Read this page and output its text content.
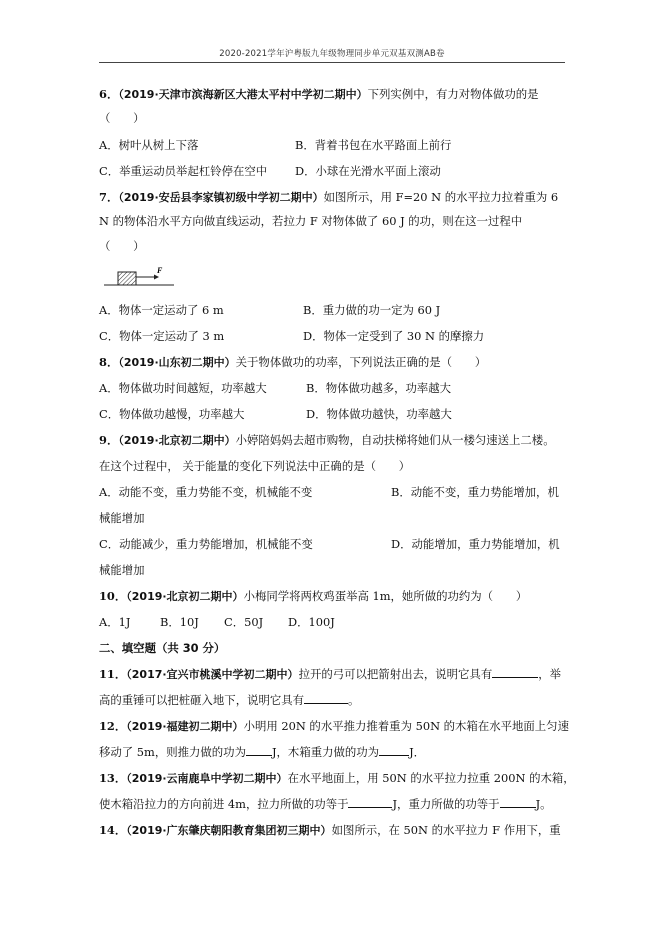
2020-2021学年沪粤版九年级物理同步单元双基双测AB卷
6．（2019·天津市滨海新区大港太平村中学初二期中）下列实例中，有力对物体做功的是
（　　）
A．树叶从树上下落	B．背着书包在水平路面上前行
C．举重运动员举起杠铃停在空中 D．小球在光滑水平面上滚动
7．（2019·安岳县李家镇初级中学初二期中）如图所示，用 F=20 N 的水平拉力拉着重为 6
N 的物体沿水平方向做直线运动，若拉力 F 对物体做了 60 J 的功，则在这一过程中
（　　）
F
A．物体一定运动了 6 m	B．重力做的功一定为 60 J
C．物体一定运动了 3 m	D．物体一定受到了 30 N 的摩擦力
8．（2019·山东初二期中）关于物体做功的功率，下列说法正确的是（　　）
A．物体做功时间越短，功率越大	B．物体做功越多，功率越大
C．物体做功越慢，功率越大	D．物体做功越快，功率越大
9．（2019·北京初二期中）小婷陪妈妈去超市购物，自动扶梯将她们从一楼匀速送上二楼。
在这个过程中， 关于能量的变化下列说法中正确的是（　　）
A．动能不变，重力势能不变，机械能不变	B．动能不变，重力势能增加，机
械能增加
C．动能减少，重力势能增加，机械能不变	D．动能增加，重力势能增加，机
械能增加
10．（2019·北京初二期中）小梅同学将两枚鸡蛋举高 1m，她所做的功约为（　　）
A．1J	B．10J C．50J D．100J
二、填空题（共 30 分）
11．（2017·宜兴市桃溪中学初二期中）拉开的弓可以把箭射出去，说明它具有	，举
高的重锤可以把桩砸入地下，说明它具有	。
12．（2019·福建初二期中）小明用 20N 的水平推力推着重为 50N 的木箱在水平地面上匀速
移动了 5m，则推力做的功为 J，木箱重力做的功为	J．
13．（2019·云南鹿阜中学初二期中）在水平地面上，用 50N 的水平拉力拉重 200N 的木箱，
使木箱沿拉力的方向前进 4m，拉力所做的功等于	J，重力所做的功等于	J。
14．（2019·广东肇庆朝阳教育集团初三期中）如图所示，在 50N 的水平拉力 F 作用下，重
